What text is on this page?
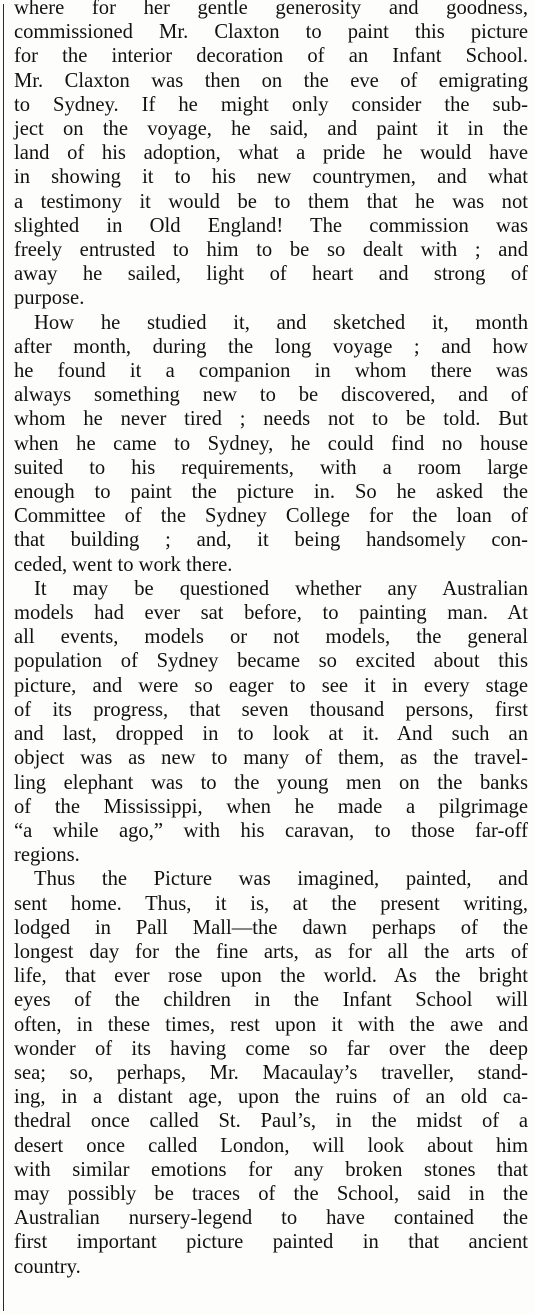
where for her gentle generosity and goodness,
commissioned Mr. Claxton to paint this picture
for the interior decoration of an Infant School.
Mr. Claxton was then on the eve of emigrating
to Sydney. If he might only consider the sub-
ject on the voyage, he said, and paint it in the
land of his adoption, what a pride he would have
in showing it to his new countrymen, and what
a testimony it would be to them that he was not
slighted in Old England! The commission was
freely entrusted to him to be so dealt with ; and
away he sailed, light of heart and strong of
purpose.

How he studied it, and sketched it, month
after month, during the long voyage ; and how
he found it a companion in whom there was
always something new to be discovered, and of
whom he never tired ; needs not to be told. But
when he came to Sydney, he could find no house
suited to his requirements, with a room large
enough to paint the picture in. So he asked the
Committee of the Sydney College for the loan of
that building ; and, it being handsomely con-
ceded, went to work there.

It may be questioned whether any Australian
models had ever sat before, to painting man. At
all events, models or not models, the general
population of Sydney became so excited about this
picture, and were so eager to see it in every stage
of its progress, that seven thousand persons, first
and last, dropped in to look at it. And such an
object was as new to many of them, as the travel-
ling elephant was to the young men on the banks
of the Mississippi, when he made a pilgrimage
“a while ago,” with his caravan, to those far-off
regions.

Thus the Picture was imagined, painted, and
sent home. Thus, it is, at the present writing,
lodged in Pall Mall—the dawn perhaps of the
longest day for the fine arts, as for all the arts of
life, that ever rose upon the world. As the bright
eyes of the children in the Infant School will
often, in these times, rest upon it with the awe and
wonder of its having come so far over the deep
sea; so, perhaps, Mr. Macaulay’s traveller, stand-
ing, in a distant age, upon the ruins of an old ca-
thedral once called St. Paul’s, in the midst of a
desert once called London, will look about him
with similar emotions for any broken stones that
may possibly be traces of the School, said in the
Australian nursery-legend to have contained the
first important picture painted in that ancient
country.
